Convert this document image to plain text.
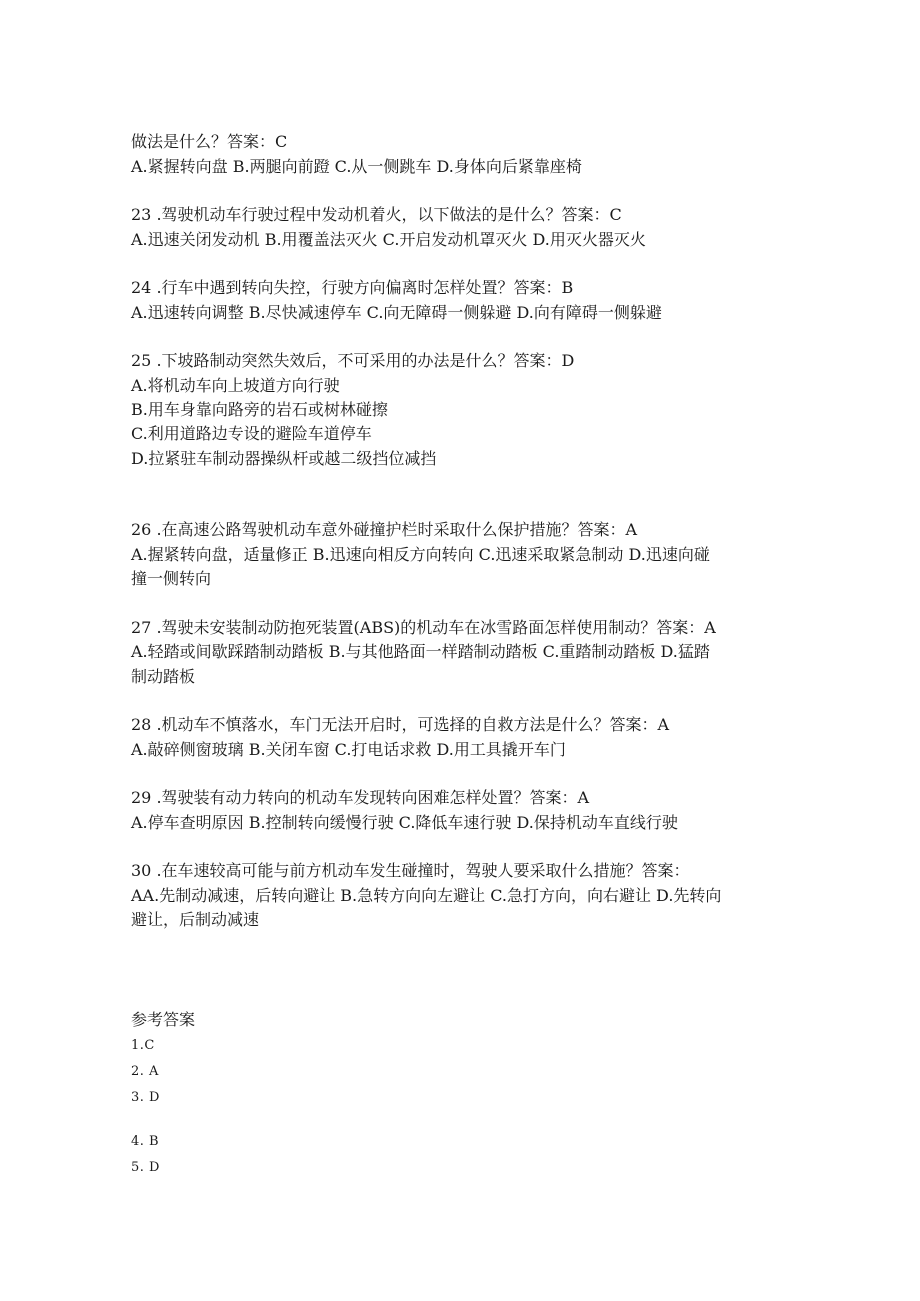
做法是什么？答案：C
A.紧握转向盘 B.两腿向前蹬 C.从一侧跳车 D.身体向后紧靠座椅
23 .驾驶机动车行驶过程中发动机着火，以下做法的是什么？答案：C
A.迅速关闭发动机 B.用覆盖法灭火 C.开启发动机罩灭火 D.用灭火器灭火
24 .行车中遇到转向失控，行驶方向偏离时怎样处置？答案：B
A.迅速转向调整 B.尽快减速停车 C.向无障碍一侧躲避 D.向有障碍一侧躲避
25 .下坡路制动突然失效后，不可采用的办法是什么？答案：D
A.将机动车向上坡道方向行驶
B.用车身靠向路旁的岩石或树林碰擦
C.利用道路边专设的避险车道停车
D.拉紧驻车制动器操纵杆或越二级挡位减挡
26 .在高速公路驾驶机动车意外碰撞护栏时采取什么保护措施？答案：A
A.握紧转向盘，适量修正 B.迅速向相反方向转向 C.迅速采取紧急制动 D.迅速向碰
撞一侧转向
27 .驾驶未安装制动防抱死装置(ABS)的机动车在冰雪路面怎样使用制动？答案：A
A.轻踏或间歇踩踏制动踏板 B.与其他路面一样踏制动踏板 C.重踏制动踏板 D.猛踏
制动踏板
28 .机动车不慎落水，车门无法开启时，可选择的自救方法是什么？答案：A
A.敲碎侧窗玻璃 B.关闭车窗 C.打电话求救 D.用工具撬开车门
29 .驾驶装有动力转向的机动车发现转向困难怎样处置？答案：A
A.停车查明原因 B.控制转向缓慢行驶 C.降低车速行驶 D.保持机动车直线行驶
30 .在车速较高可能与前方机动车发生碰撞时，驾驶人要采取什么措施？答案：
AA.先制动减速，后转向避让 B.急转方向向左避让 C.急打方向，向右避让 D.先转向
避让，后制动减速
参考答案
1.C
2. A
3. D
4. B
5. D
